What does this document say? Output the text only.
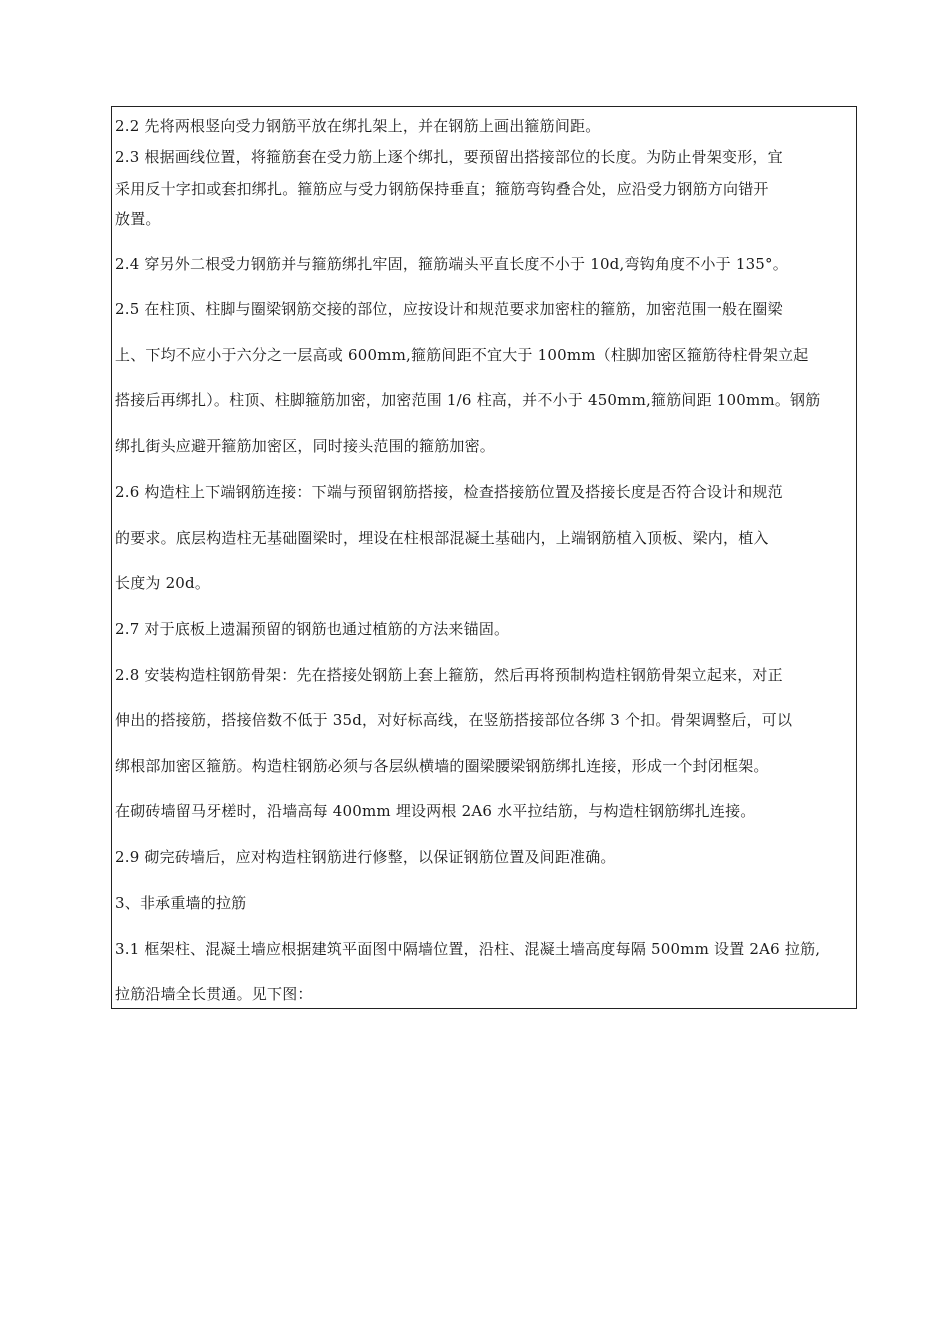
2.2 先将两根竖向受力钢筋平放在绑扎架上，并在钢筋上画出箍筋间距。
2.3 根据画线位置，将箍筋套在受力筋上逐个绑扎，要预留出搭接部位的长度。为防止骨架变形，宜
采用反十字扣或套扣绑扎。箍筋应与受力钢筋保持垂直；箍筋弯钩叠合处，应沿受力钢筋方向错开
放置。
2.4 穿另外二根受力钢筋并与箍筋绑扎牢固，箍筋端头平直长度不小于 10d,弯钩角度不小于 135°。
2.5 在柱顶、柱脚与圈梁钢筋交接的部位，应按设计和规范要求加密柱的箍筋，加密范围一般在圈梁
上、下均不应小于六分之一层高或 600mm,箍筋间距不宜大于 100mm（柱脚加密区箍筋待柱骨架立起
搭接后再绑扎）。柱顶、柱脚箍筋加密，加密范围 1/6 柱高，并不小于 450mm,箍筋间距 100mm。钢筋
绑扎街头应避开箍筋加密区，同时接头范围的箍筋加密。
2.6 构造柱上下端钢筋连接：下端与预留钢筋搭接，检查搭接筋位置及搭接长度是否符合设计和规范
的要求。底层构造柱无基础圈梁时，埋设在柱根部混凝土基础内，上端钢筋植入顶板、梁内，植入
长度为 20d。
2.7 对于底板上遗漏预留的钢筋也通过植筋的方法来锚固。
2.8 安装构造柱钢筋骨架：先在搭接处钢筋上套上箍筋，然后再将预制构造柱钢筋骨架立起来，对正
伸出的搭接筋，搭接倍数不低于 35d，对好标高线，在竖筋搭接部位各绑 3 个扣。骨架调整后，可以
绑根部加密区箍筋。构造柱钢筋必须与各层纵横墙的圈梁腰梁钢筋绑扎连接，形成一个封闭框架。
在砌砖墙留马牙槎时，沿墙高每 400mm 埋设两根 2A6 水平拉结筋，与构造柱钢筋绑扎连接。
2.9 砌完砖墙后，应对构造柱钢筋进行修整，以保证钢筋位置及间距准确。
3、非承重墙的拉筋
3.1 框架柱、混凝土墙应根据建筑平面图中隔墙位置，沿柱、混凝土墙高度每隔 500mm 设置 2A6 拉筋,
拉筋沿墙全长贯通。见下图：
